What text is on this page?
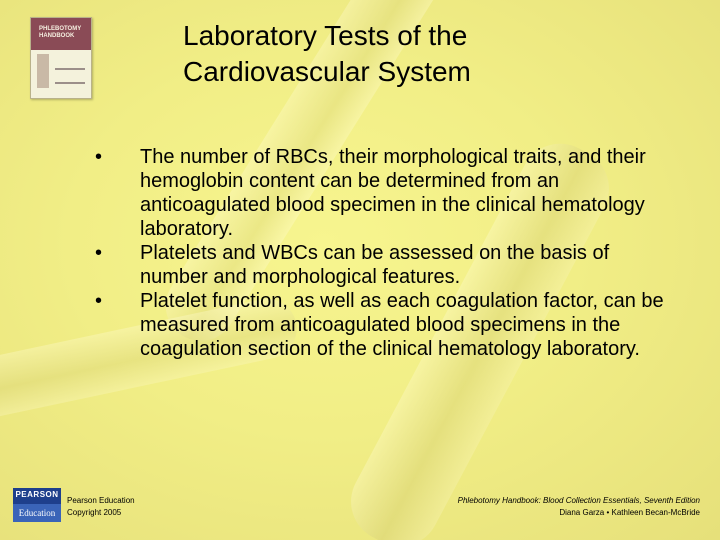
PHLEBOTOMY HANDBOOK	Laboratory Tests of the
Cardiovascular System
• The number of RBCs, their morphological traits, and their hemoglobin content can be determined from an anticoagulated blood specimen in the clinical hematology laboratory.
• Platelets and WBCs can be assessed on the basis of number and morphological features.
• Platelet function, as well as each coagulation factor, can be measured from anticoagulated blood specimens in the coagulation section of the clinical hematology laboratory.
PEARSON
Education
Pearson Education
Copyright 2005
Phlebotomy Handbook: Blood Collection Essentials, Seventh Edition
Diana Garza • Kathleen Becan-McBride
